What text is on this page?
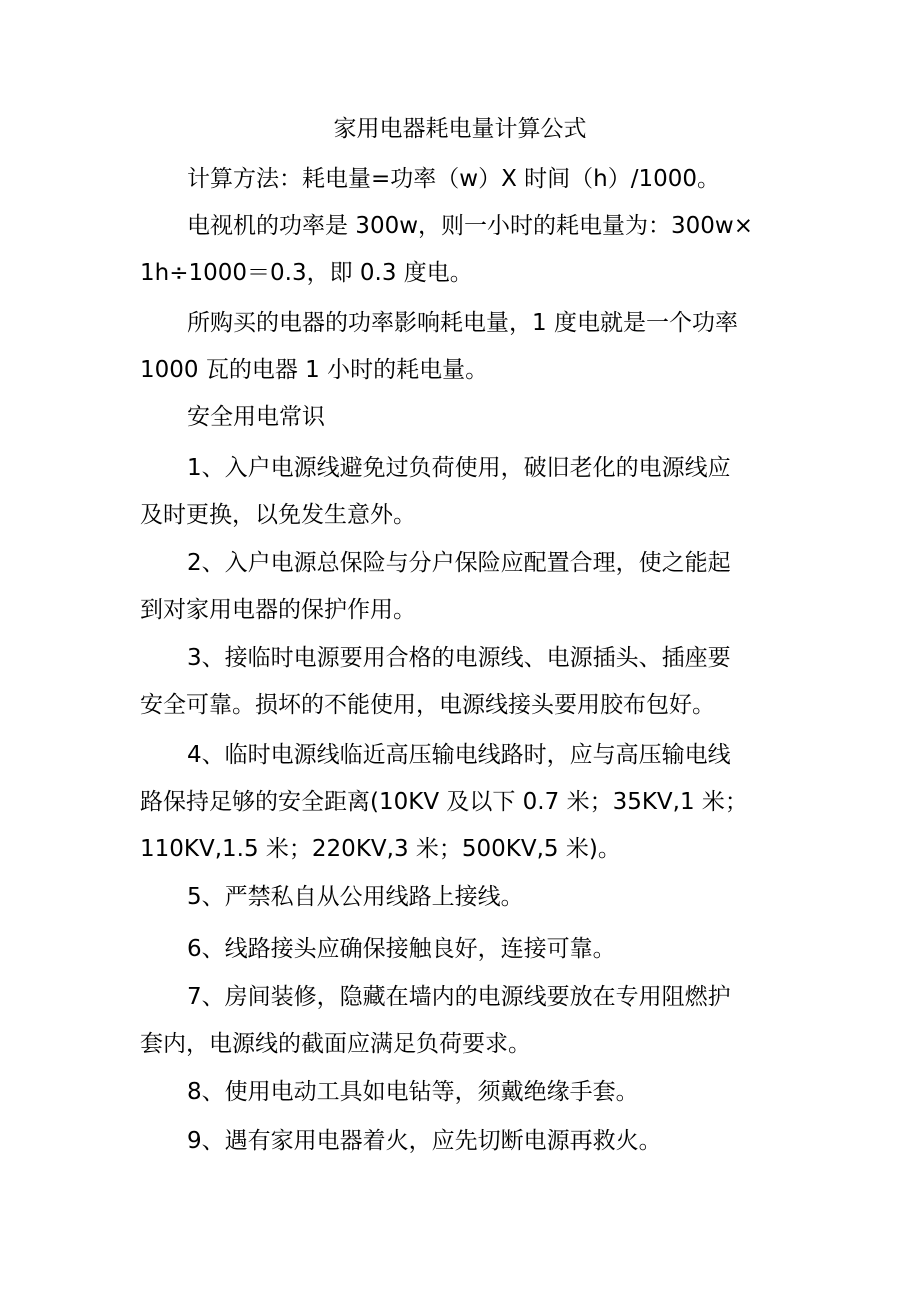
家用电器耗电量计算公式
计算方法：耗电量=功率（w）X 时间（h）/1000。
电视机的功率是 300w，则一小时的耗电量为：300w×
1h÷1000＝0.3，即 0.3 度电。
所购买的电器的功率影响耗电量，1 度电就是一个功率
1000 瓦的电器 1 小时的耗电量。
安全用电常识
1、入户电源线避免过负荷使用，破旧老化的电源线应
及时更换，以免发生意外。
2、入户电源总保险与分户保险应配置合理，使之能起
到对家用电器的保护作用。
3、接临时电源要用合格的电源线、电源插头、插座要
安全可靠。损坏的不能使用，电源线接头要用胶布包好。
4、临时电源线临近高压输电线路时，应与高压输电线
路保持足够的安全距离(10KV 及以下 0.7 米；35KV,1 米；
110KV,1.5 米；220KV,3 米；500KV,5 米)。
5、严禁私自从公用线路上接线。
6、线路接头应确保接触良好，连接可靠。
7、房间装修，隐藏在墙内的电源线要放在专用阻燃护
套内，电源线的截面应满足负荷要求。
8、使用电动工具如电钻等，须戴绝缘手套。
9、遇有家用电器着火，应先切断电源再救火。
